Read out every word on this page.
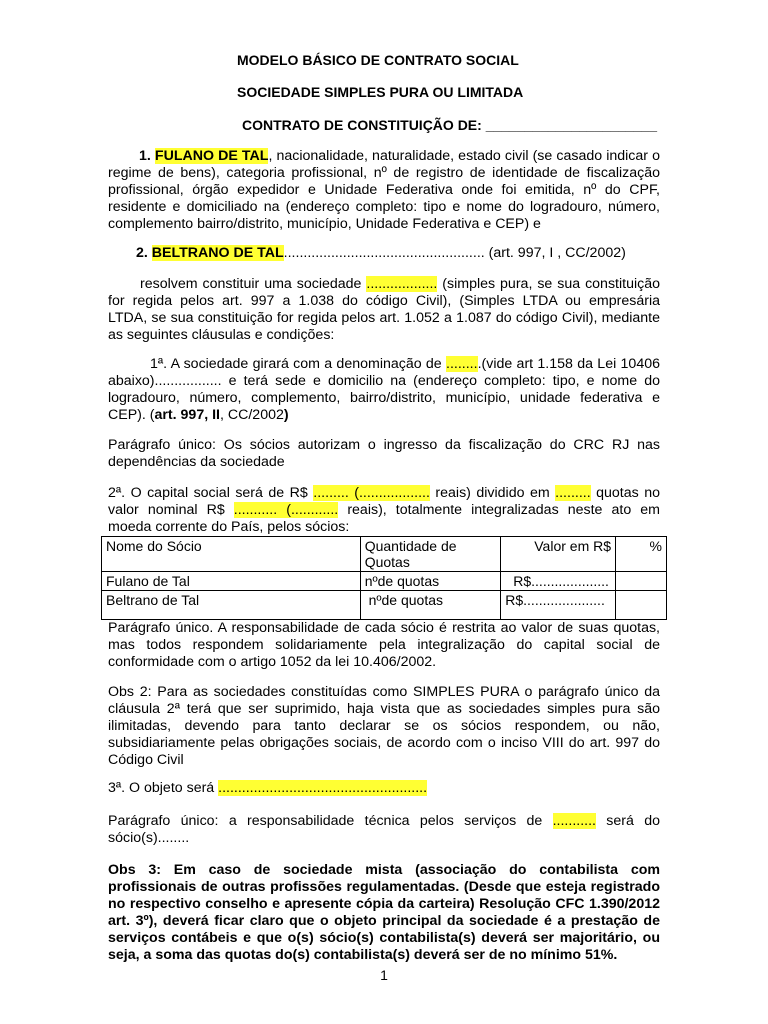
MODELO BÁSICO DE CONTRATO SOCIAL
SOCIEDADE SIMPLES PURA OU LIMITADA
CONTRATO DE CONSTITUIÇÃO DE: ______________________

1. FULANO DE TAL, nacionalidade, naturalidade, estado civil (se casado indicar o

regime de bens), categoria profissional, nº de registro de identidade de fiscalização

profissional, órgão expedidor e Unidade Federativa onde foi emitida, nº do CPF,

residente e domiciliado na (endereço completo: tipo e nome do logradouro, número,

complemento bairro/distrito, município, Unidade Federativa e CEP) e

2. BELTRANO DE TAL................................................... (art. 997, I , CC/2002)

resolvem constituir uma sociedade .................. (simples pura, se sua constituição

for regida pelos art. 997 a 1.038 do código Civil), (Simples LTDA ou empresária

LTDA, se sua constituição for regida pelos art. 1.052 a 1.087 do código Civil), mediante

as seguintes cláusulas e condições:

1ª. A sociedade girará com a denominação de .........(vide art 1.158 da Lei 10406

abaixo)................. e terá sede e domicilio na (endereço completo: tipo, e nome do

logradouro, número, complemento, bairro/distrito, município, unidade federativa e

CEP). (art. 997, II, CC/2002)

Parágrafo único: Os sócios autorizam o ingresso da fiscalização do CRC RJ nas

dependências da sociedade

2ª. O capital social será de R$ ......... (.................. reais) dividido em ......... quotas no

valor nominal R$ ........... (............ reais), totalmente integralizadas neste ato em

moeda corrente do País, pelos sócios:

Nome do Sócio	Quantidade de Quotas	Valor em R$	%
Fulano de Tal	nºde quotas	R$....................	
Beltrano de Tal	nºde quotas	R$.....................	

Parágrafo único. A responsabilidade de cada sócio é restrita ao valor de suas quotas,

mas todos respondem solidariamente pela integralização do capital social de

conformidade com o artigo 1052 da lei 10.406/2002.

Obs 2: Para as sociedades constituídas como SIMPLES PURA o parágrafo único da

cláusula 2ª terá que ser suprimido, haja vista que as sociedades simples pura são

ilimitadas, devendo para tanto declarar se os sócios respondem, ou não,

subsidiariamente pelas obrigações sociais, de acordo com o inciso VIII do art. 997 do

Código Civil

3ª. O objeto será .....................................................

Parágrafo único: a responsabilidade técnica pelos serviços de ........... será do

sócio(s)........

Obs 3: Em caso de sociedade mista (associação do contabilista com

profissionais de outras profissões regulamentadas. (Desde que esteja registrado

no respectivo conselho e apresente cópia da carteira) Resolução CFC 1.390/2012

art. 3º), deverá ficar claro que o objeto principal da sociedade é a prestação de

serviços contábeis e que o(s) sócio(s) contabilista(s) deverá ser majoritário, ou

seja, a soma das quotas do(s) contabilista(s) deverá ser de no mínimo 51%.

1
